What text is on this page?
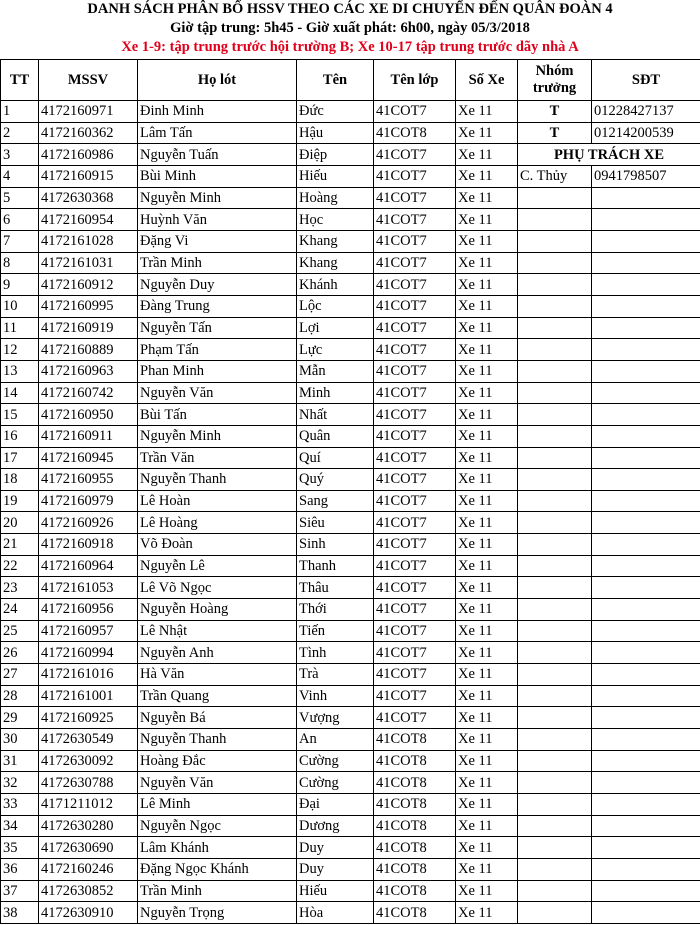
DANH SÁCH PHÂN BỔ HSSV THEO CÁC XE DI CHUYỂN ĐẾN QUÂN ĐOÀN 4
Giờ tập trung: 5h45 - Giờ xuất phát: 6h00, ngày 05/3/2018
Xe 1-9: tập trung trước hội trường B; Xe 10-17 tập trung trước dãy nhà A
TT	MSSV	Họ lót	Tên	Tên lớp	Số Xe	Nhóm trưởng	SĐT
1	4172160971	Đinh Minh	Đức	41COT7	Xe 11	T	01228427137
2	4172160362	Lâm Tấn	Hậu	41COT8	Xe 11	T	01214200539
3	4172160986	Nguyễn Tuấn	Điệp	41COT7	Xe 11	PHỤ TRÁCH XE	
4	4172160915	Bùi Minh	Hiếu	41COT7	Xe 11	C. Thủy	0941798507
5	4172630368	Nguyễn Minh	Hoàng	41COT7	Xe 11		
6	4172160954	Huỳnh Văn	Học	41COT7	Xe 11		
7	4172161028	Đặng Vi	Khang	41COT7	Xe 11		
8	4172161031	Trần Minh	Khang	41COT7	Xe 11		
9	4172160912	Nguyễn Duy	Khánh	41COT7	Xe 11		
10	4172160995	Đàng Trung	Lộc	41COT7	Xe 11		
11	4172160919	Nguyễn Tấn	Lợi	41COT7	Xe 11		
12	4172160889	Phạm Tấn	Lực	41COT7	Xe 11		
13	4172160963	Phan Minh	Mẫn	41COT7	Xe 11		
14	4172160742	Nguyễn Văn	Minh	41COT7	Xe 11		
15	4172160950	Bùi Tấn	Nhất	41COT7	Xe 11		
16	4172160911	Nguyễn Minh	Quân	41COT7	Xe 11		
17	4172160945	Trần Văn	Quí	41COT7	Xe 11		
18	4172160955	Nguyễn Thanh	Quý	41COT7	Xe 11		
19	4172160979	Lê Hoàn	Sang	41COT7	Xe 11		
20	4172160926	Lê Hoàng	Siêu	41COT7	Xe 11		
21	4172160918	Võ Đoàn	Sinh	41COT7	Xe 11		
22	4172160964	Nguyễn Lê	Thanh	41COT7	Xe 11		
23	4172161053	Lê Võ Ngọc	Thâu	41COT7	Xe 11		
24	4172160956	Nguyễn Hoàng	Thới	41COT7	Xe 11		
25	4172160957	Lê Nhật	Tiến	41COT7	Xe 11		
26	4172160994	Nguyễn Anh	Tình	41COT7	Xe 11		
27	4172161016	Hà Văn	Trà	41COT7	Xe 11		
28	4172161001	Trần Quang	Vinh	41COT7	Xe 11		
29	4172160925	Nguyễn Bá	Vượng	41COT7	Xe 11		
30	4172630549	Nguyễn Thanh	An	41COT8	Xe 11		
31	4172630092	Hoàng Đắc	Cường	41COT8	Xe 11		
32	4172630788	Nguyễn Văn	Cường	41COT8	Xe 11		
33	4171211012	Lê Minh	Đại	41COT8	Xe 11		
34	4172630280	Nguyễn Ngọc	Dương	41COT8	Xe 11		
35	4172630690	Lâm Khánh	Duy	41COT8	Xe 11		
36	4172160246	Đặng Ngọc Khánh	Duy	41COT8	Xe 11		
37	4172630852	Trần Minh	Hiếu	41COT8	Xe 11		
38	4172630910	Nguyễn Trọng	Hòa	41COT8	Xe 11		
